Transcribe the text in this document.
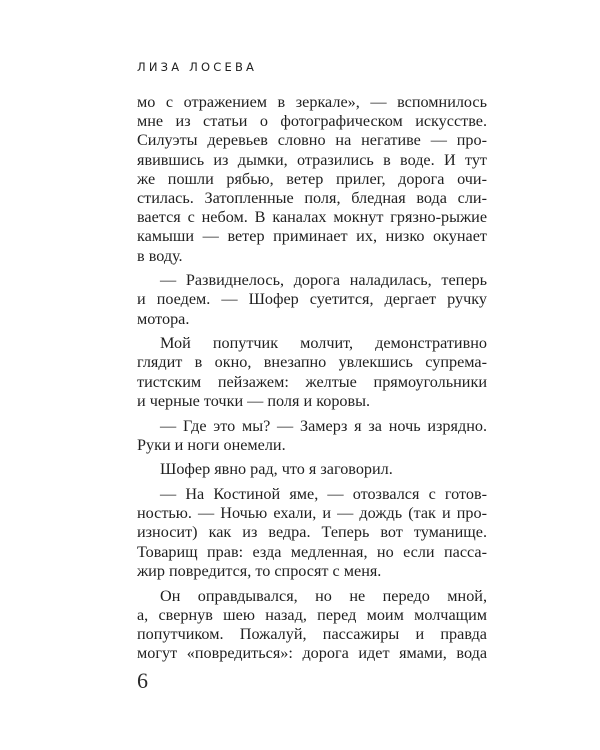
ЛИЗА ЛОСЕВА
мо с отражением в зеркале», — вспомнилось
мне из статьи о фотографическом искусстве.
Силуэты деревьев словно на негативе — про-
явившись из дымки, отразились в воде. И тут
же пошли рябью, ветер прилег, дорога очи-
стилась. Затопленные поля, бледная вода сли-
вается с небом. В каналах мокнут грязно-рыжие
камыши — ветер приминает их, низко окунает
в воду.
— Развиднелось, дорога наладилась, теперь
и поедем. — Шофер суетится, дергает ручку
мотора.
Мой попутчик молчит, демонстративно
глядит в окно, внезапно увлекшись супрема-
тистским пейзажем: желтые прямоугольники
и черные точки — поля и коровы.
— Где это мы? — Замерз я за ночь изрядно.
Руки и ноги онемели.
Шофер явно рад, что я заговорил.
— На Костиной яме, — отозвался с готов-
ностью. — Ночью ехали, и — дождь (так и про-
износит) как из ведра. Теперь вот туманище.
Товарищ прав: езда медленная, но если пасса-
жир повредится, то спросят с меня.
Он оправдывался, но не передо мной,
а, свернув шею назад, перед моим молчащим
попутчиком. Пожалуй, пассажиры и правда
могут «повредиться»: дорога идет ямами, вода
6
